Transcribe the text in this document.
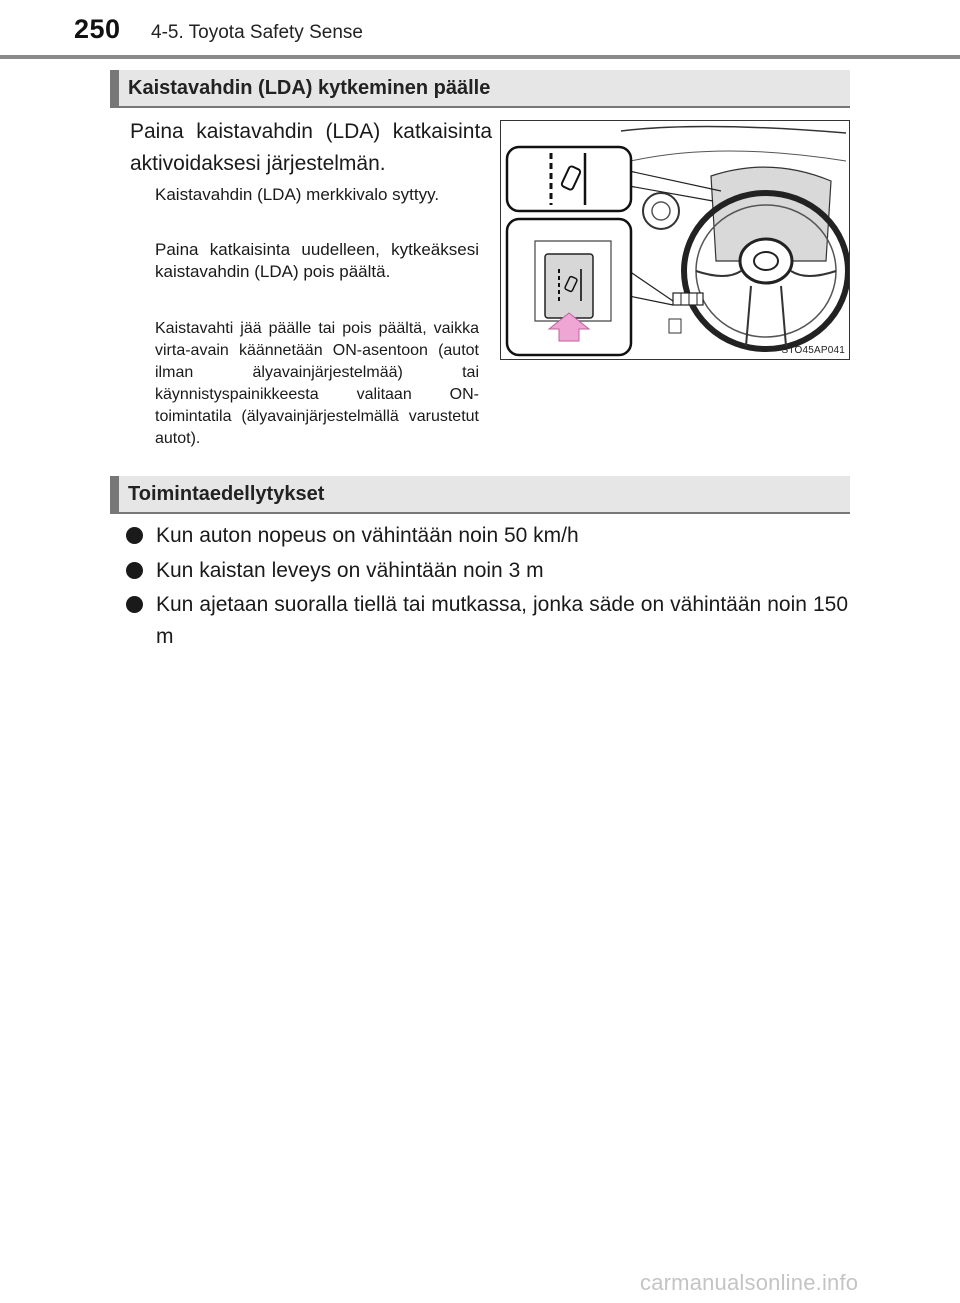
250 4-5. Toyota Safety Sense
Kaistavahdin (LDA) kytkeminen päälle
Paina kaistavahdin (LDA) katkaisinta aktivoidaksesi järjestelmän.
Kaistavahdin (LDA) merkkivalo syttyy.
Paina katkaisinta uudelleen, kytkeäksesi kaistavahdin (LDA) pois päältä.
Kaistavahti jää päälle tai pois päältä, vaikka virta-avain käännetään ON-asentoon (autot ilman älyavainjärjestelmää) tai käynnistyspainikkeesta valitaan ON-toimintatila (älyavainjärjestelmällä varustetut autot).
STO45AP041
Toimintaedellytykset
Kun auton nopeus on vähintään noin 50 km/h
Kun kaistan leveys on vähintään noin 3 m
Kun ajetaan suoralla tiellä tai mutkassa, jonka säde on vähintään noin 150 m
carmanualsonline.info
